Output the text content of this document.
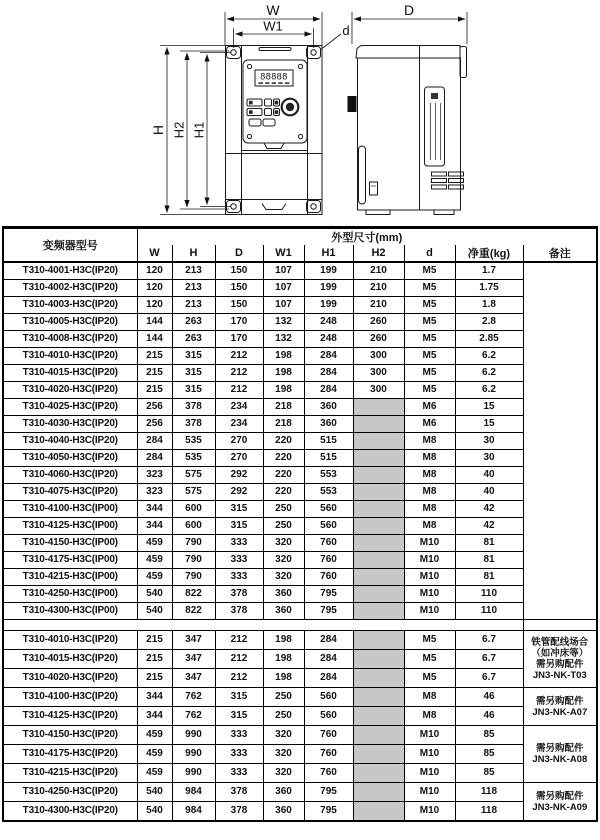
W
W1	d
H H2 H1
88888
D
变频器型号	外型尺寸(mm)								
	W	H	D	W1	H1	H2	d	净重(kg)	备注
T310-4001-H3C(IP20)	120	213	150	107	199	210	M5	1.7	
T310-4002-H3C(IP20)	120	213	150	107	199	210	M5	1.75	
T310-4003-H3C(IP20)	120	213	150	107	199	210	M5	1.8	
T310-4005-H3C(IP20)	144	263	170	132	248	260	M5	2.8	
T310-4008-H3C(IP20)	144	263	170	132	248	260	M5	2.85	
T310-4010-H3C(IP20)	215	315	212	198	284	300	M5	6.2	
T310-4015-H3C(IP20)	215	315	212	198	284	300	M5	6.2	
T310-4020-H3C(IP20)	215	315	212	198	284	300	M5	6.2	
T310-4025-H3C(IP20)	256	378	234	218	360		M6	15	
T310-4030-H3C(IP20)	256	378	234	218	360		M6	15	
T310-4040-H3C(IP20)	284	535	270	220	515		M8	30	
T310-4050-H3C(IP20)	284	535	270	220	515		M8	30	
T310-4060-H3C(IP20)	323	575	292	220	553		M8	40	
T310-4075-H3C(IP20)	323	575	292	220	553		M8	40	
T310-4100-H3C(IP00)	344	600	315	250	560		M8	42	
T310-4125-H3C(IP00)	344	600	315	250	560		M8	42	
T310-4150-H3C(IP00)	459	790	333	320	760		M10	81	
T310-4175-H3C(IP00)	459	790	333	320	760		M10	81	
T310-4215-H3C(IP00)	459	790	333	320	760		M10	81	
T310-4250-H3C(IP00)	540	822	378	360	795		M10	110	
T310-4300-H3C(IP00)	540	822	378	360	795		M10	110	

T310-4010-H3C(IP20)	215	347	212	198	284		M5	6.7	铁管配线场合
（如冲床等）
需另购配件
JN3-NK-T03

T310-4015-H3C(IP20)	215	347	212	198	284		M5	6.7	
T310-4020-H3C(IP20)	215	347	212	198	284		M5	6.7	
T310-4100-H3C(IP20)	344	762	315	250	560		M8	46	需另购配件
JN3-NK-A07

T310-4125-H3C(IP20)	344	762	315	250	560		M8	46	
T310-4150-H3C(IP20)	459	990	333	320	760		M10	85	需另购配件
JN3-NK-A08

T310-4175-H3C(IP20)	459	990	333	320	760		M10	85	
T310-4215-H3C(IP20)	459	990	333	320	760		M10	85	
T310-4250-H3C(IP20)	540	984	378	360	795		M10	118	需另购配件
JN3-NK-A09

T310-4300-H3C(IP20)	540	984	378	360	795		M10	118	
